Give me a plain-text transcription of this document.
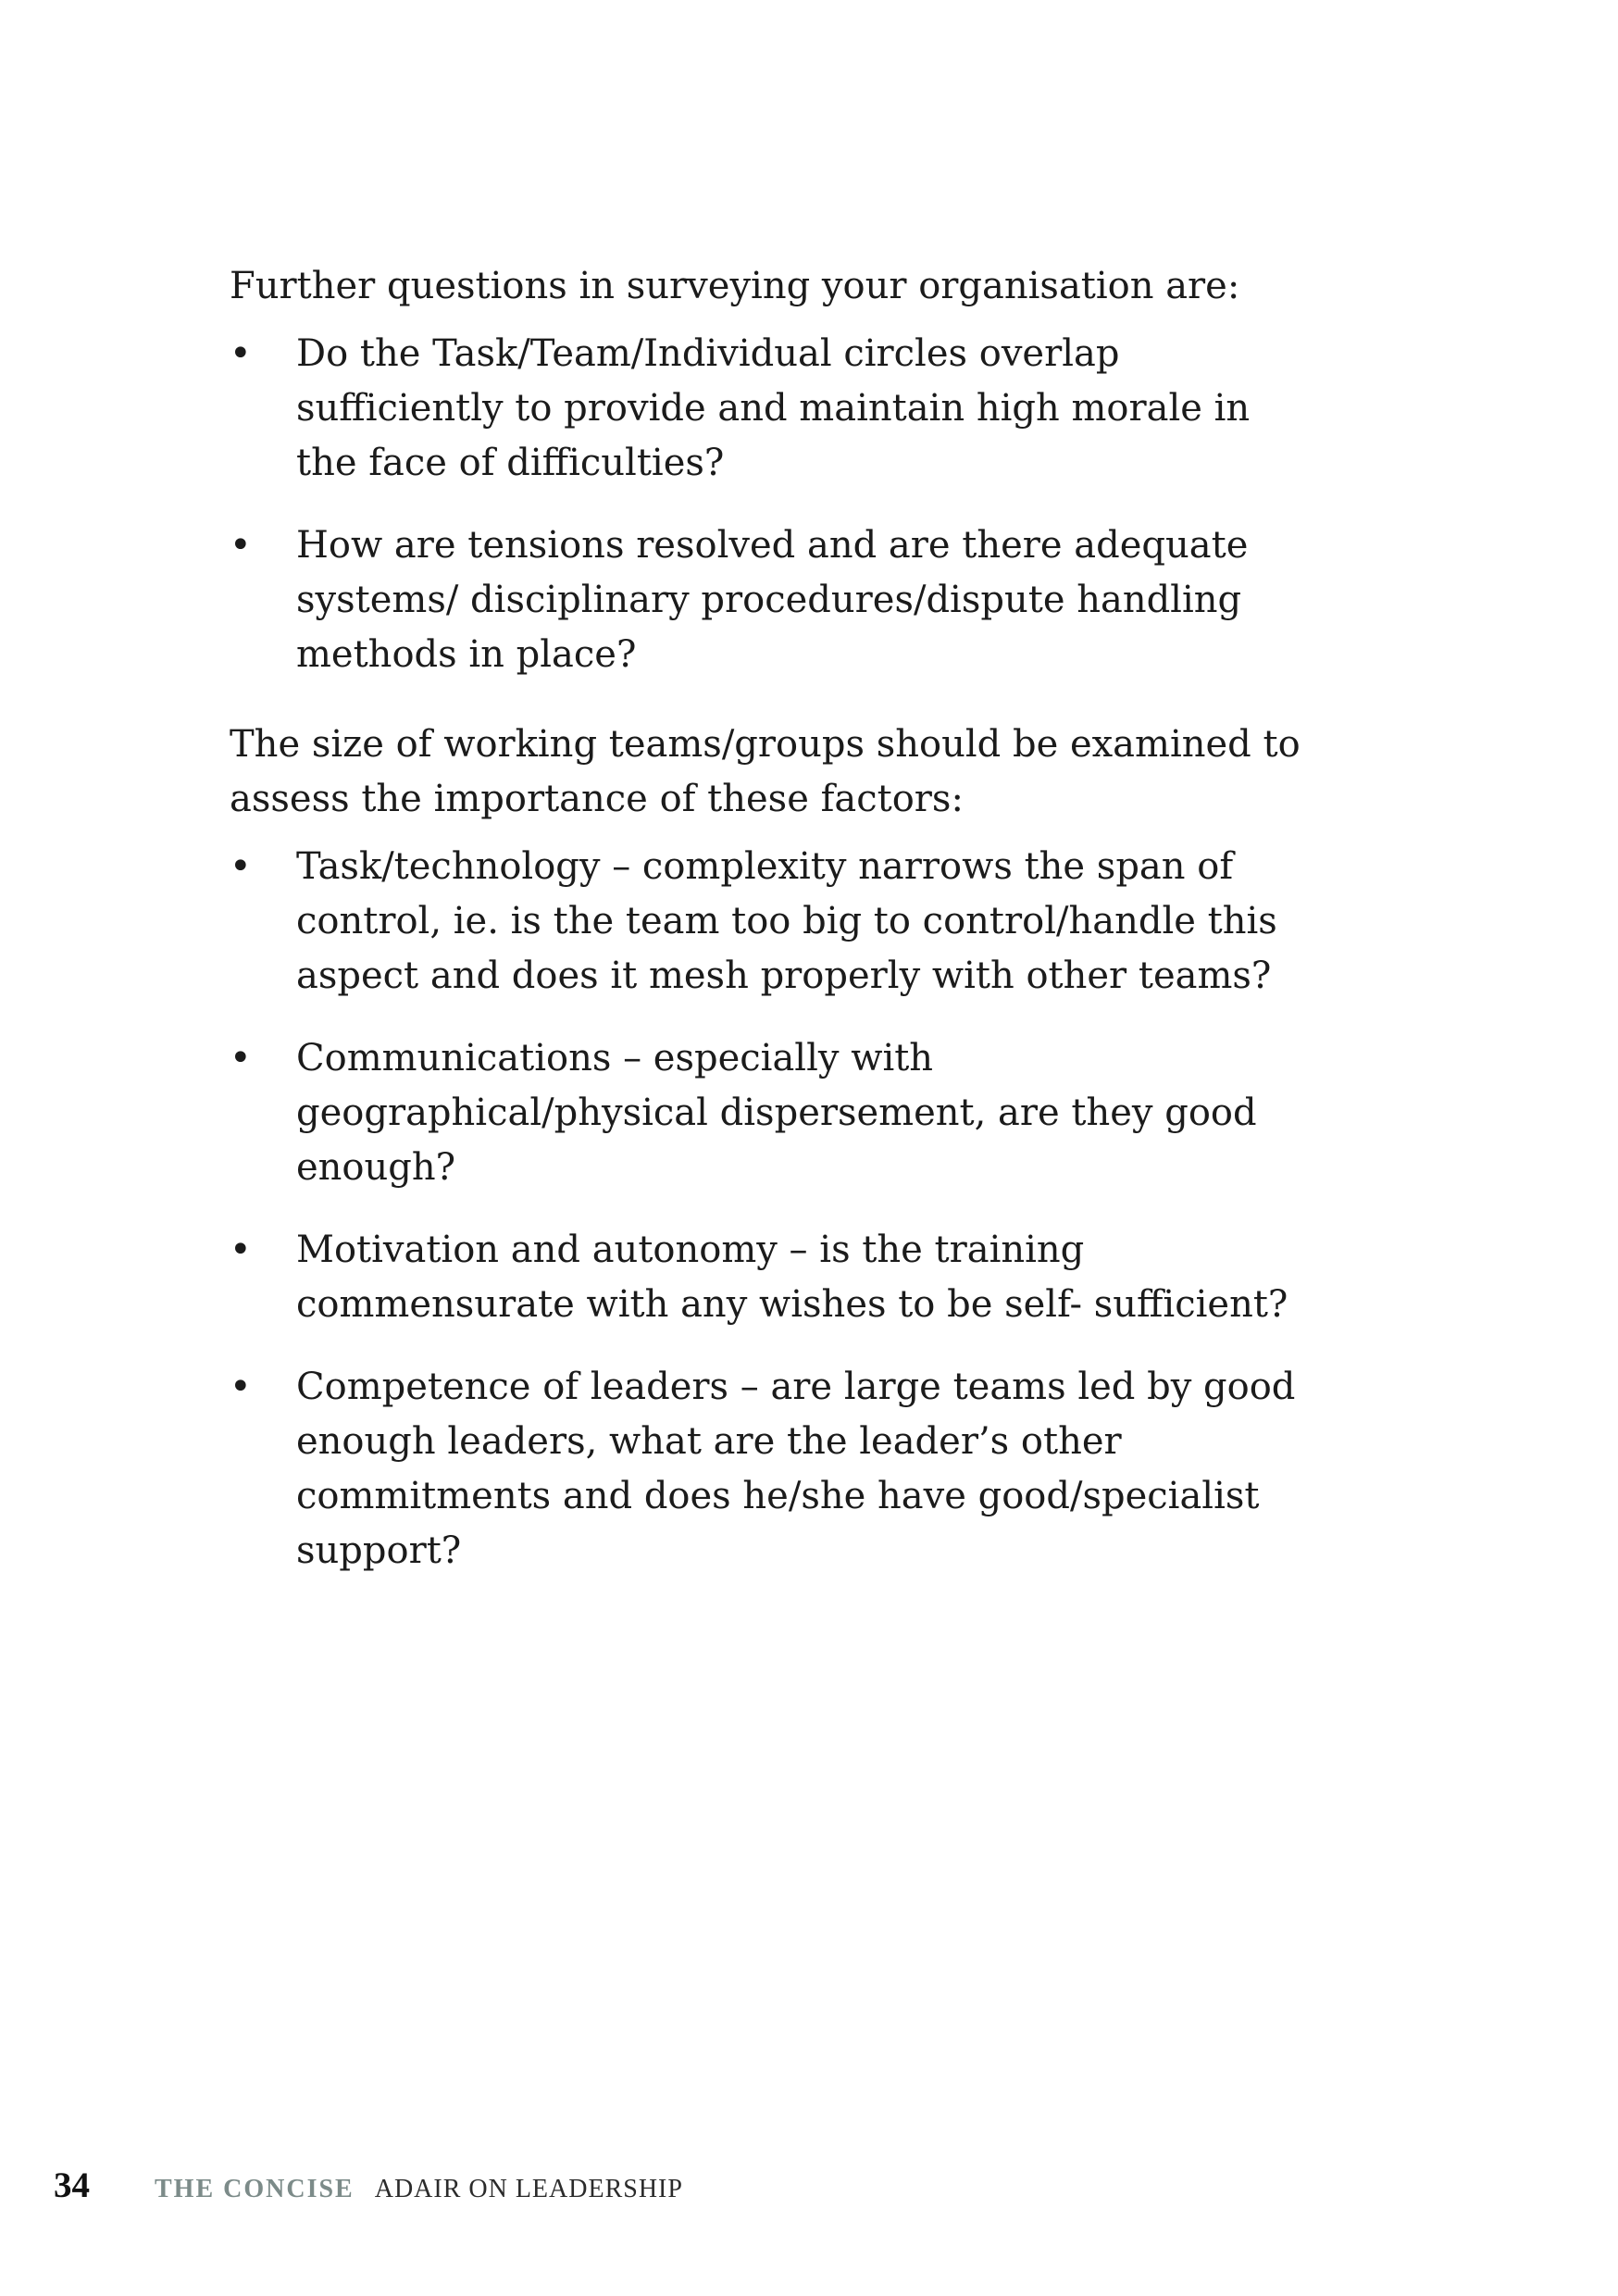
Further questions in surveying your organisation are:

• Do the Task/Team/Individual circles overlap sufficiently to provide and maintain high morale in the face of difficulties?
• How are tensions resolved and are there adequate systems/ disciplinary procedures/dispute handling methods in place?

The size of working teams/groups should be examined to assess the importance of these factors:

• Task/technology – complexity narrows the span of control, ie. is the team too big to control/handle this aspect and does it mesh properly with other teams?
• Communications – especially with geographical/physical dispersement, are they good enough?
• Motivation and autonomy – is the training commensurate with any wishes to be self- sufficient?
• Competence of leaders – are large teams led by good enough leaders, what are the leader’s other commitments and does he/she have good/specialist support?
34	THE CONCISE ADAIR ON LEADERSHIP
